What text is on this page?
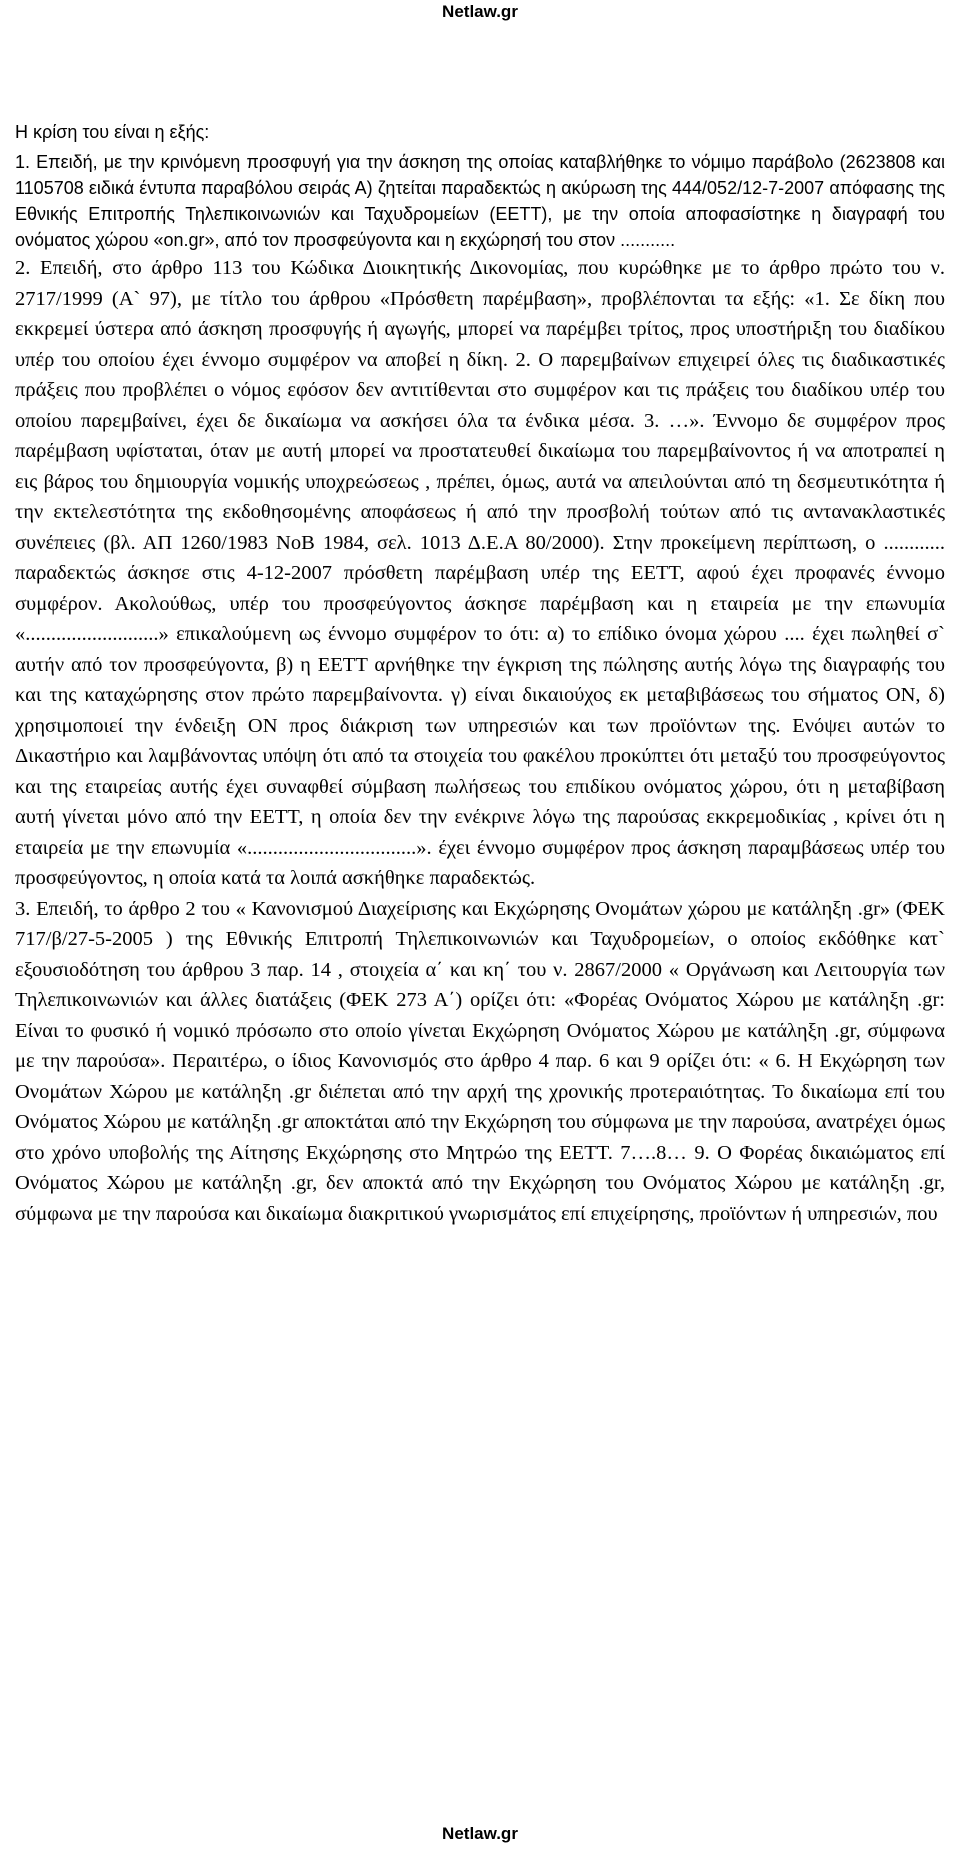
Netlaw.gr
Η κρίση του είναι η εξής:

1. Επειδή, με την κρινόμενη προσφυγή για την άσκηση της οποίας καταβλήθηκε το νόμιμο παράβολο (2623808 και 1105708 ειδικά έντυπα παραβόλου σειράς Α) ζητείται παραδεκτώς η ακύρωση της 444/052/12-7-2007 απόφασης της Εθνικής Επιτροπής Τηλεπικοινωνιών και Ταχυδρομείων (ΕΕΤΤ), με την οποία αποφασίστηκε η διαγραφή του ονόματος χώρου «on.gr», από τον προσφεύγοντα και η εκχώρησή του στον ...........

2. Επειδή, στο άρθρο 113 του Κώδικα Διοικητικής Δικονομίας, που κυρώθηκε με το άρθρο πρώτο του ν. 2717/1999 (Α` 97), με τίτλο του άρθρου «Πρόσθετη παρέμβαση», προβλέπονται τα εξής: «1. Σε δίκη που εκκρεμεί ύστερα από άσκηση προσφυγής ή αγωγής, μπορεί να παρέμβει τρίτος, προς υποστήριξη του διαδίκου υπέρ του οποίου έχει έννομο συμφέρον να αποβεί η δίκη. 2. Ο παρεμβαίνων επιχειρεί όλες τις διαδικαστικές πράξεις που προβλέπει ο νόμος εφόσον δεν αντιτίθενται στο συμφέρον και τις πράξεις του διαδίκου υπέρ του οποίου παρεμβαίνει, έχει δε δικαίωμα να ασκήσει όλα τα ένδικα μέσα. 3. …». Έννομο δε συμφέρον προς παρέμβαση υφίσταται, όταν με αυτή μπορεί να προστατευθεί δικαίωμα του παρεμβαίνοντος ή να αποτραπεί η εις βάρος του δημιουργία νομικής υποχρεώσεως , πρέπει, όμως, αυτά να απειλούνται από τη δεσμευτικότητα ή την εκτελεστότητα της εκδοθησομένης αποφάσεως ή από την προσβολή τούτων από τις αντανακλαστικές συνέπειες (βλ. ΑΠ 1260/1983 ΝοΒ 1984, σελ. 1013 Δ.Ε.Α 80/2000). Στην προκείμενη περίπτωση, ο ............ παραδεκτώς άσκησε στις 4-12-2007 πρόσθετη παρέμβαση υπέρ της ΕΕΤΤ, αφού έχει προφανές έννομο συμφέρον. Ακολούθως, υπέρ του προσφεύγοντος άσκησε παρέμβαση και η εταιρεία με την επωνυμία «..........................» επικαλούμενη ως έννομο συμφέρον το ότι: α) το επίδικο όνομα χώρου .... έχει πωληθεί σ` αυτήν από τον προσφεύγοντα, β) η ΕΕΤΤ αρνήθηκε την έγκριση της πώλησης αυτής λόγω της διαγραφής του και της καταχώρησης στον πρώτο παρεμβαίνοντα. γ) είναι δικαιούχος εκ μεταβιβάσεως του σήματος ΟΝ, δ) χρησιμοποιεί την ένδειξη ΟΝ προς διάκριση των υπηρεσιών και των προϊόντων της. Ενόψει αυτών το Δικαστήριο και λαμβάνοντας υπόψη ότι από τα στοιχεία του φακέλου προκύπτει ότι μεταξύ του προσφεύγοντος και της εταιρείας αυτής έχει συναφθεί σύμβαση πωλήσεως του επιδίκου ονόματος χώρου, ότι η μεταβίβαση αυτή γίνεται μόνο από την ΕΕΤΤ, η οποία δεν την ενέκρινε λόγω της παρούσας εκκρεμοδικίας , κρίνει ότι η εταιρεία με την επωνυμία «.................................». έχει έννομο συμφέρον προς άσκηση παραμβάσεως υπέρ του προσφεύγοντος, η οποία κατά τα λοιπά ασκήθηκε παραδεκτώς.

3. Επειδή, το άρθρο 2 του « Κανονισμού Διαχείρισης και Εκχώρησης Ονομάτων χώρου με κατάληξη .gr» (ΦΕΚ 717/β/27-5-2005 ) της Εθνικής Επιτροπή Τηλεπικοινωνιών και Ταχυδρομείων, ο οποίος εκδόθηκε κατ` εξουσιοδότηση του άρθρου 3 παρ. 14 , στοιχεία α΄ και κη΄ του ν. 2867/2000 « Οργάνωση και Λειτουργία των Τηλεπικοινωνιών και άλλες διατάξεις (ΦΕΚ 273 Α΄) ορίζει ότι: «Φορέας Ονόματος Χώρου με κατάληξη .gr: Είναι το φυσικό ή νομικό πρόσωπο στο οποίο γίνεται Εκχώρηση Ονόματος Χώρου με κατάληξη .gr, σύμφωνα με την παρούσα». Περαιτέρω, ο ίδιος Κανονισμός στο άρθρο 4 παρ. 6 και 9 ορίζει ότι: « 6. Η Εκχώρηση των Ονομάτων Χώρου με κατάληξη .gr διέπεται από την αρχή της χρονικής προτεραιότητας. Το δικαίωμα επί του Ονόματος Χώρου με κατάληξη .gr αποκτάται από την Εκχώρηση του σύμφωνα με την παρούσα, ανατρέχει όμως στο χρόνο υποβολής της Αίτησης Εκχώρησης στο Μητρώο της ΕΕΤΤ. 7….8… 9. Ο Φορέας δικαιώματος επί Ονόματος Χώρου με κατάληξη .gr, δεν αποκτά από την Εκχώρηση του Ονόματος Χώρου με κατάληξη .gr, σύμφωνα με την παρούσα και δικαίωμα διακριτικού γνωρισμάτος επί επιχείρησης, προϊόντων ή υπηρεσιών, που

Netlaw.gr
